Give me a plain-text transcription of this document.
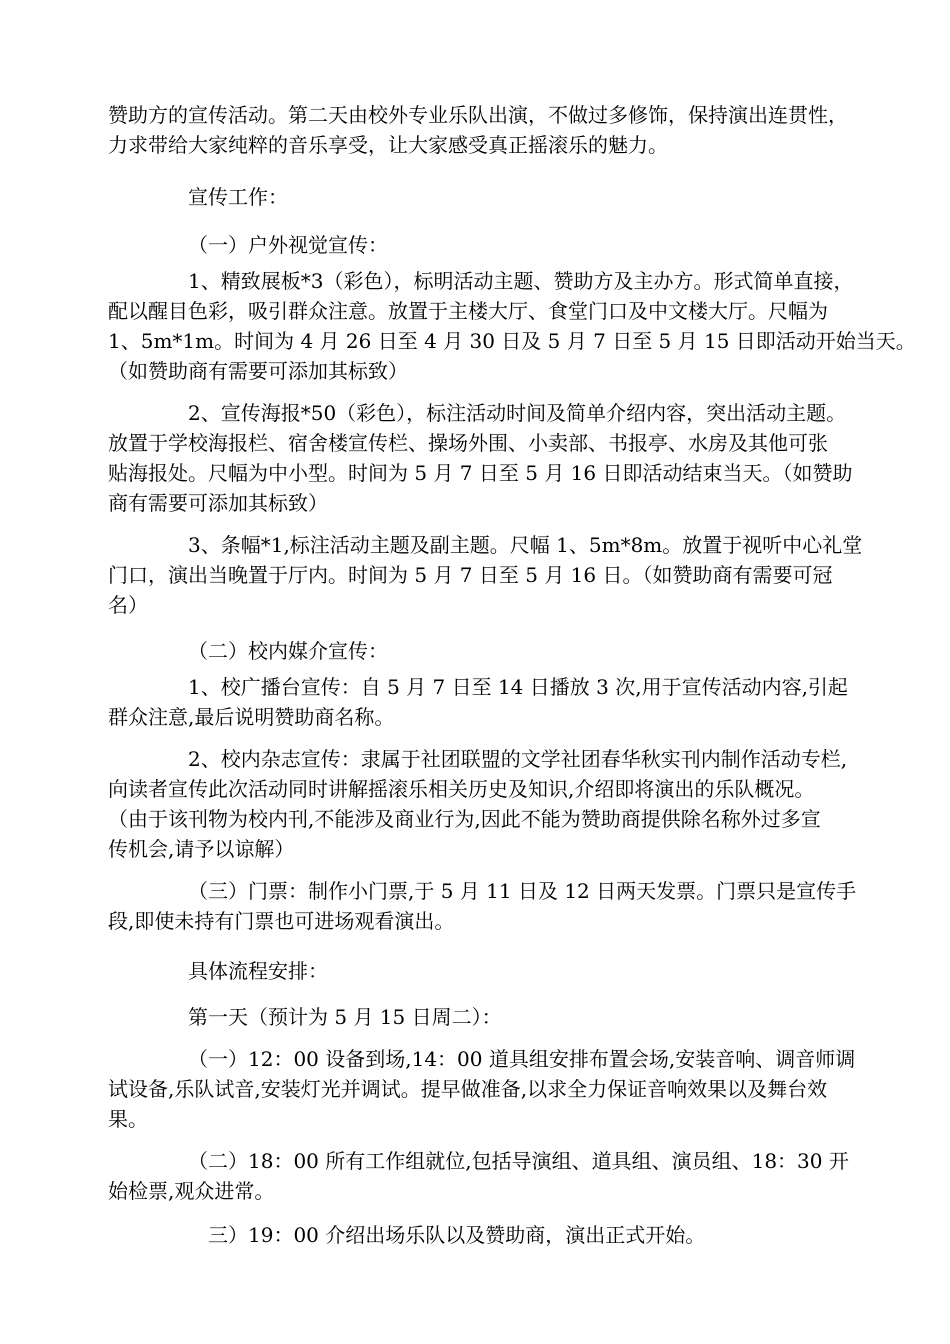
赞助方的宣传活动。第二天由校外专业乐队出演，不做过多修饰，保持演出连贯性，

力求带给大家纯粹的音乐享受，让大家感受真正摇滚乐的魅力。

宣传工作：

（一）户外视觉宣传：

1、精致展板*3（彩色），标明活动主题、赞助方及主办方。形式简单直接，

配以醒目色彩，吸引群众注意。放置于主楼大厅、食堂门口及中文楼大厅。尺幅为

1、5m*1m。时间为 4 月 26 日至 4 月 30 日及 5 月 7 日至 5 月 15 日即活动开始当天。

（如赞助商有需要可添加其标致）

2、宣传海报*50（彩色），标注活动时间及简单介绍内容，突出活动主题。

放置于学校海报栏、宿舍楼宣传栏、操场外围、小卖部、书报亭、水房及其他可张

贴海报处。尺幅为中小型。时间为 5 月 7 日至 5 月 16 日即活动结束当天。（如赞助

商有需要可添加其标致）

3、条幅*1,标注活动主题及副主题。尺幅 1、5m*8m。放置于视听中心礼堂

门口，演出当晚置于厅内。时间为 5 月 7 日至 5 月 16 日。（如赞助商有需要可冠

名）

（二）校内媒介宣传：

1、校广播台宣传：自 5 月 7 日至 14 日播放 3 次,用于宣传活动内容,引起

群众注意,最后说明赞助商名称。

2、校内杂志宣传：隶属于社团联盟的文学社团春华秋实刊内制作活动专栏,

向读者宣传此次活动同时讲解摇滚乐相关历史及知识,介绍即将演出的乐队概况。

（由于该刊物为校内刊,不能涉及商业行为,因此不能为赞助商提供除名称外过多宣

传机会,请予以谅解）

（三）门票：制作小门票,于 5 月 11 日及 12 日两天发票。门票只是宣传手

段,即使未持有门票也可进场观看演出。

具体流程安排：

第一天（预计为 5 月 15 日周二）：

（一）12：00 设备到场,14：00 道具组安排布置会场,安装音响、调音师调

试设备,乐队试音,安装灯光并调试。提早做准备,以求全力保证音响效果以及舞台效

果。

（二）18：00 所有工作组就位,包括导演组、道具组、演员组、18：30 开

始检票,观众进常。

三）19：00 介绍出场乐队以及赞助商，演出正式开始。
